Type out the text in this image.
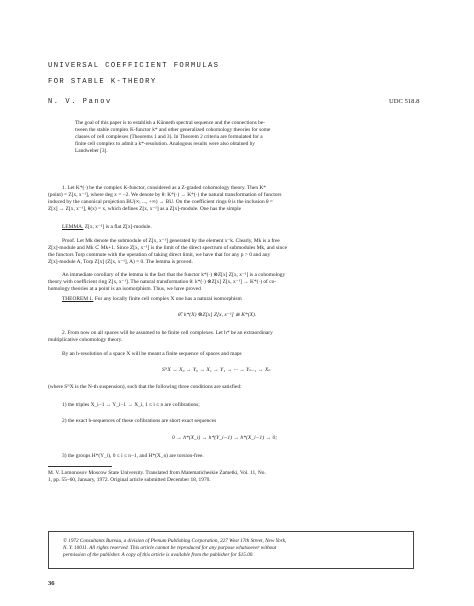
UNIVERSAL COEFFICIENT FORMULAS
FOR STABLE K-THEORY
N. V. Panov	UDC 518.8
The goal of this paper is to establish a Künneth spectral sequence and the connections be-
tween the stable complex K-functor k* and other generalized cohomology theories for some
classes of cell complexes (Theorems 1 and 3). In Theorem 2 criteria are formulated for a
finite cell complex to admit a k*-resolution. Analogous results were also obtained by
Landweber [3].
1. Let K*(·) be the complex K-functor, considered as a Z-graded cohomology theory. Then K*
(point) = Z[x, x⁻¹], where deg x = −2. We denote by θ: K*(·) → K*(·) the natural transformation of functors
induced by the canonical projection BU(∞, ..., +∞) → BU. On the coefficient rings θ is the inclusion θ =
Z[x] → Z[x, x⁻¹], θ(x) = x, which defines Z[x, x⁻¹] as a Z[x]-module. One has the simple
LEMMA. Z[x, x⁻¹] is a flat Z[x]-module.
Proof. Let Mk denote the submodule of Z[x, x⁻¹] generated by the element x⁻k. Clearly, Mk is a free
Z[x]-module and Mk ⊂ Mk+1. Since Z[x, x⁻¹] is the limit of the direct spectrum of submodules Mk, and since
the functors Torp commute with the operation of taking direct limit, we have that for any p > 0 and any
Z[x]-module A, Torp Z[x] (Z[x, x⁻¹], A) = 0. The lemma is proved.
An immediate corollary of the lemma is the fact that the functor k*(·) ⊗Z[x] Z[x, x⁻¹] is a cohomology
theory with coefficient ring Z[x, x⁻¹]. The natural transformation θ: k*(·) ⊗Z[x] Z[x, x⁻¹] → K*(·) of co-
homology theories at a point is an isomorphism. Thus, we have proved
THEOREM 1. For any locally finite cell complex X one has a natural isomorphism
θ̃: k*(X) ⊗Z[x] Z[x, x⁻¹] ≅ K*(X).
2. From now on all spaces will be assumed to be finite cell complexes. Let h* be an extraordinary
multiplicative cohomology theory.
By an h-resolution of a space X will be meant a finite sequence of spaces and maps
SᴺX → X₀ → Y₀ → X₁ → Y₁ → ··· → Yₙ₋₁ → Xₙ
(where SᴺX is the N-th suspension), such that the following three conditions are satisfied:
1) the triples X_i−1 → Y_i−1 → X_i, 1 ≤ i ≤ n are cofibrations;
2) the exact h-sequences of these cofibrations are short exact sequences
0 → h*(X_i) → h*(Y_i−1) → h*(X_i−1) → 0;
3) the groups H*(Y_i), 0 ≤ i ≤ n−1, and H*(X_n) are torsion-free.
M. V. Lomonosov Moscow State University. Translated from Matematicheskie Zametki, Vol. 11, No.
1, pp. 55–60, January, 1972. Original article submitted December 18, 1970.
© 1972 Consultants Bureau, a division of Plenum Publishing Corporation, 227 West 17th Street, New York,
N. Y. 10011. All rights reserved. This article cannot be reproduced for any purpose whatsoever without
permission of the publisher. A copy of this article is available from the publisher for $15.00.
36
